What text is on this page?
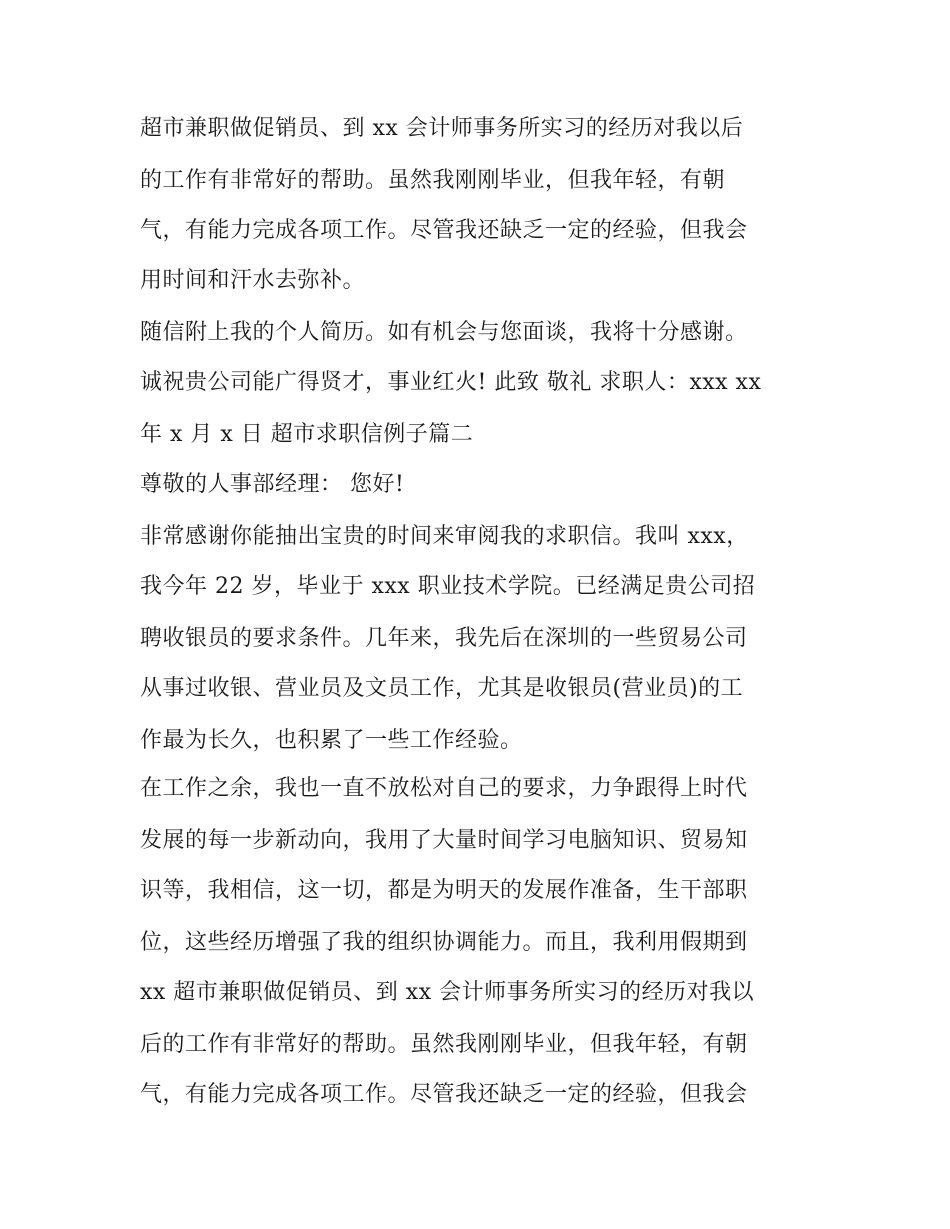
超市兼职做促销员、到 xx 会计师事务所实习的经历对我以后
的工作有非常好的帮助。虽然我刚刚毕业，但我年轻，有朝
气，有能力完成各项工作。尽管我还缺乏一定的经验，但我会
用时间和汗水去弥补。
随信附上我的个人简历。如有机会与您面谈，我将十分感谢。
诚祝贵公司能广得贤才，事业红火! 此致 敬礼 求职人：xxx xx
年 x 月 x 日 超市求职信例子篇二
尊敬的人事部经理： 您好!
非常感谢你能抽出宝贵的时间来审阅我的求职信。我叫 xxx，
我今年 22 岁，毕业于 xxx 职业技术学院。已经满足贵公司招
聘收银员的要求条件。几年来，我先后在深圳的一些贸易公司
从事过收银、营业员及文员工作，尤其是收银员(营业员)的工
作最为长久，也积累了一些工作经验。
在工作之余，我也一直不放松对自己的要求，力争跟得上时代
发展的每一步新动向，我用了大量时间学习电脑知识、贸易知
识等，我相信，这一切，都是为明天的发展作准备，生干部职
位，这些经历增强了我的组织协调能力。而且，我利用假期到
xx 超市兼职做促销员、到 xx 会计师事务所实习的经历对我以
后的工作有非常好的帮助。虽然我刚刚毕业，但我年轻，有朝
气，有能力完成各项工作。尽管我还缺乏一定的经验，但我会
